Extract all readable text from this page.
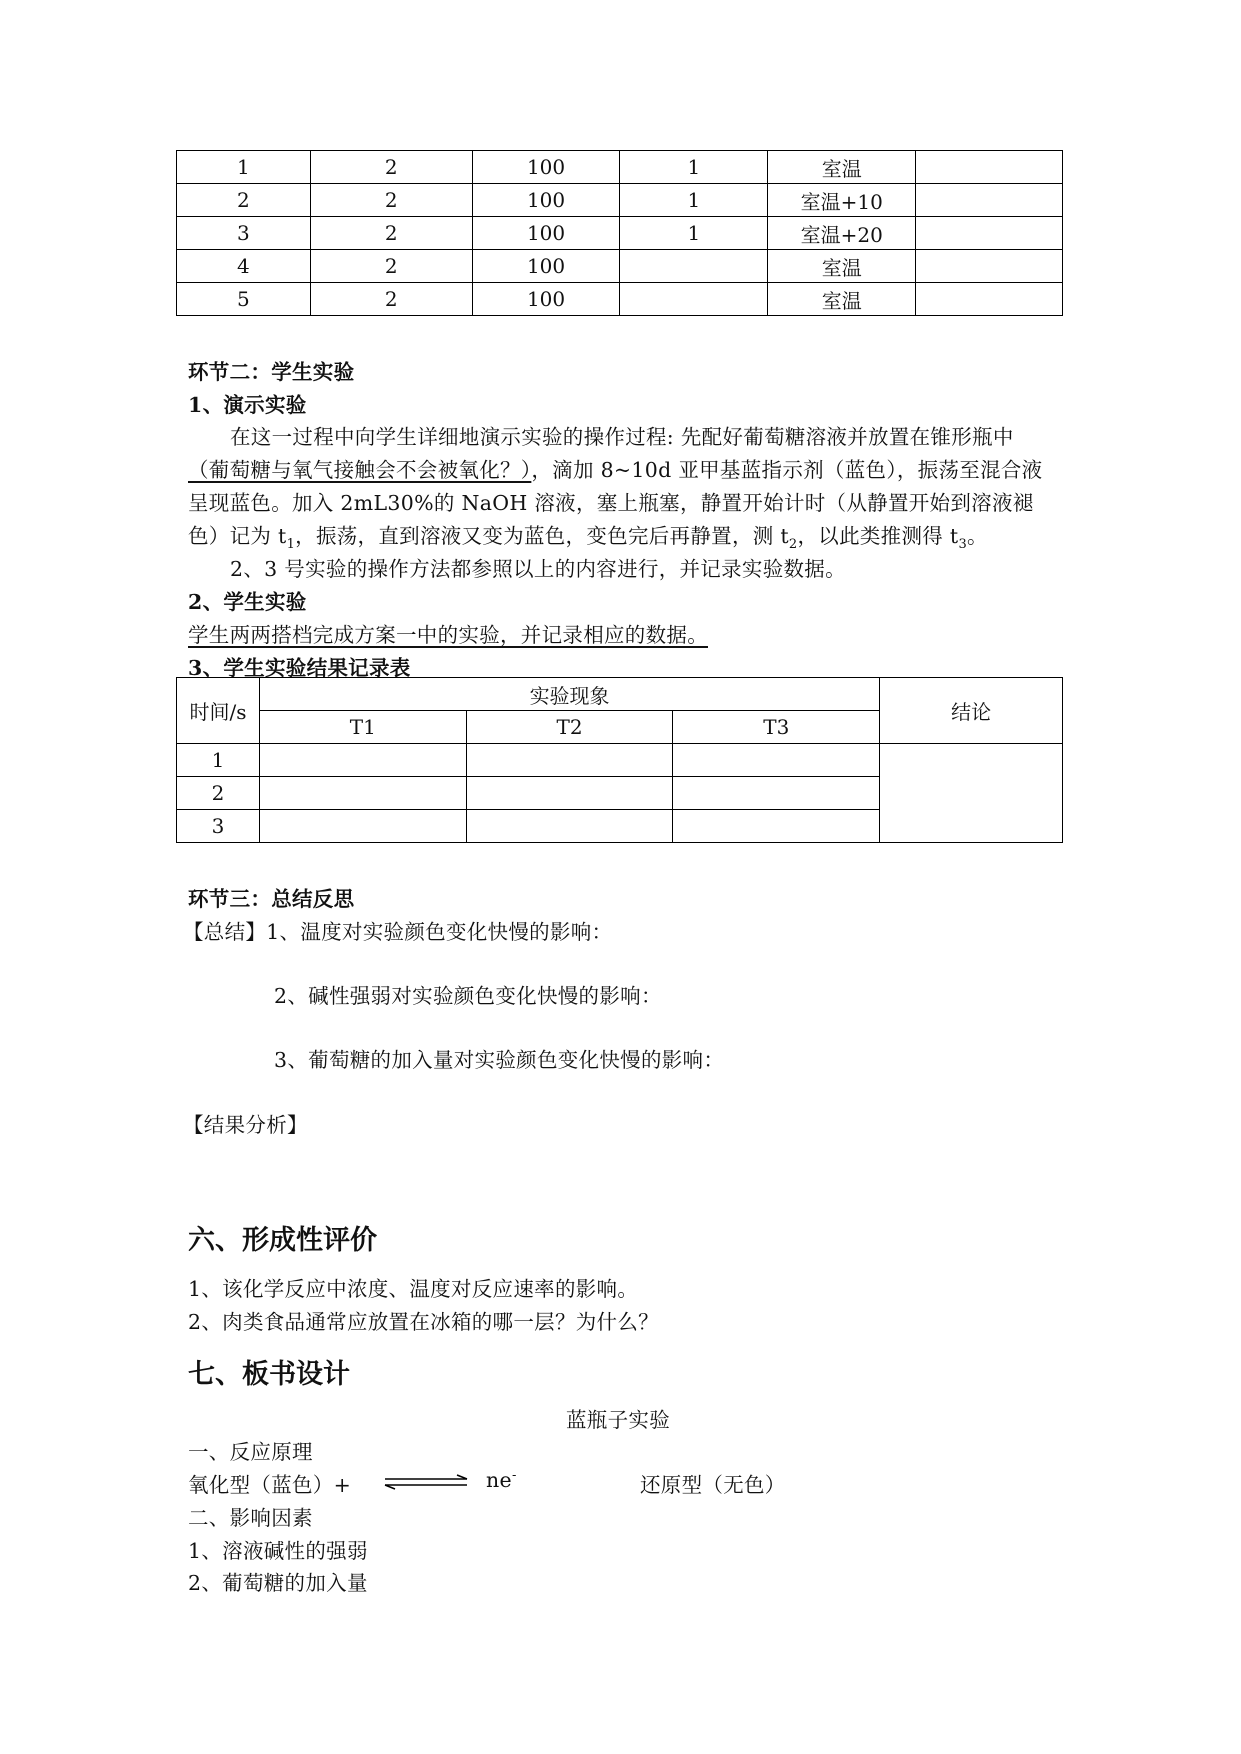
1	2	100	1	室温	
2	2	100	1	室温+10	
3	2	100	1	室温+20	
4	2	100		室温	
5	2	100		室温	
环节二：学生实验
1、演示实验
在这一过程中向学生详细地演示实验的操作过程: 先配好葡萄糖溶液并放置在锥形瓶中
（葡萄糖与氧气接触会不会被氧化？），滴加 8~10d 亚甲基蓝指示剂（蓝色），振荡至混合液
呈现蓝色。加入 2mL30%的 NaOH 溶液，塞上瓶塞，静置开始计时（从静置开始到溶液褪
色）记为 $t_1$，振荡，直到溶液又变为蓝色，变色完后再静置，测 $t_2$，以此类推测得 $t_3$。
2、3 号实验的操作方法都参照以上的内容进行，并记录实验数据。
2、学生实验
学生两两搭档完成方案一中的实验，并记录相应的数据。
3、学生实验结果记录表
时间/s	实验现象			结论
	T1	T2	T3	
1				
2				
3				
环节三：总结反思
【总结】1、温度对实验颜色变化快慢的影响：
2、碱性强弱对实验颜色变化快慢的影响：
3、葡萄糖的加入量对实验颜色变化快慢的影响：
【结果分析】
六、形成性评价
1、该化学反应中浓度、温度对反应速率的影响。
2、肉类食品通常应放置在冰箱的哪一层？为什么？
七、板书设计
蓝瓶子实验
一、反应原理
氧化型（蓝色）+	ne-	还原型（无色）
二、影响因素
1、溶液碱性的强弱
2、葡萄糖的加入量
